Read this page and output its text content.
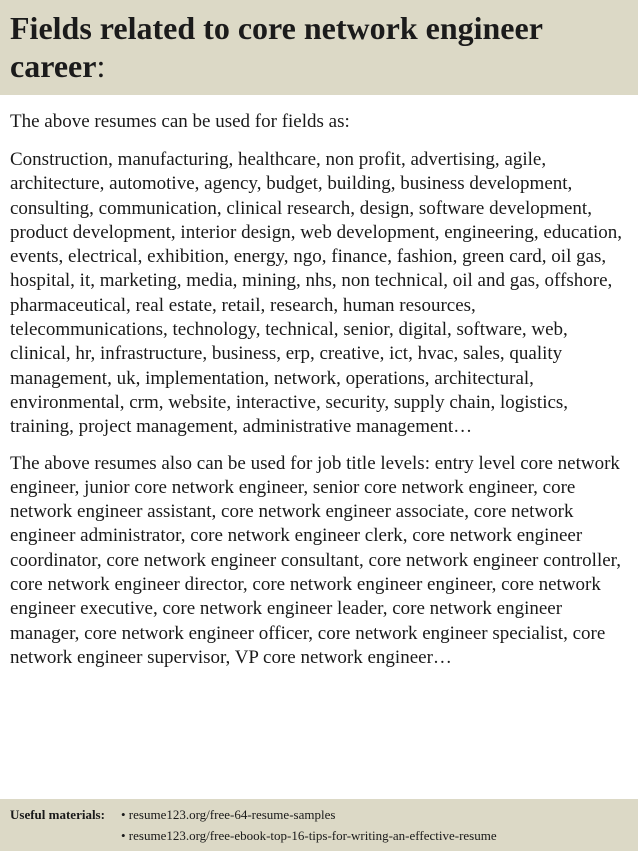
Fields related to core network engineer career:

The above resumes can be used for fields as:

Construction, manufacturing, healthcare, non profit, advertising, agile, architecture, automotive, agency, budget, building, business development, consulting, communication, clinical research, design, software development, product development, interior design, web development, engineering, education, events, electrical, exhibition, energy, ngo, finance, fashion, green card, oil gas, hospital, it, marketing, media, mining, nhs, non technical, oil and gas, offshore, pharmaceutical, real estate, retail, research, human resources, telecommunications, technology, technical, senior, digital, software, web, clinical, hr, infrastructure, business, erp, creative, ict, hvac, sales, quality management, uk, implementation, network, operations, architectural, environmental, crm, website, interactive, security, supply chain, logistics, training, project management, administrative management…

The above resumes also can be used for job title levels: entry level core network engineer, junior core network engineer, senior core network engineer, core network engineer assistant, core network engineer associate, core network engineer administrator, core network engineer clerk, core network engineer coordinator, core network engineer consultant, core network engineer controller, core network engineer director, core network engineer engineer, core network engineer executive, core network engineer leader, core network engineer manager, core network engineer officer, core network engineer specialist, core network engineer supervisor, VP core network engineer…

Useful materials:	• resume123.org/free-64-resume-samples
• resume123.org/free-ebook-top-16-tips-for-writing-an-effective-resume
